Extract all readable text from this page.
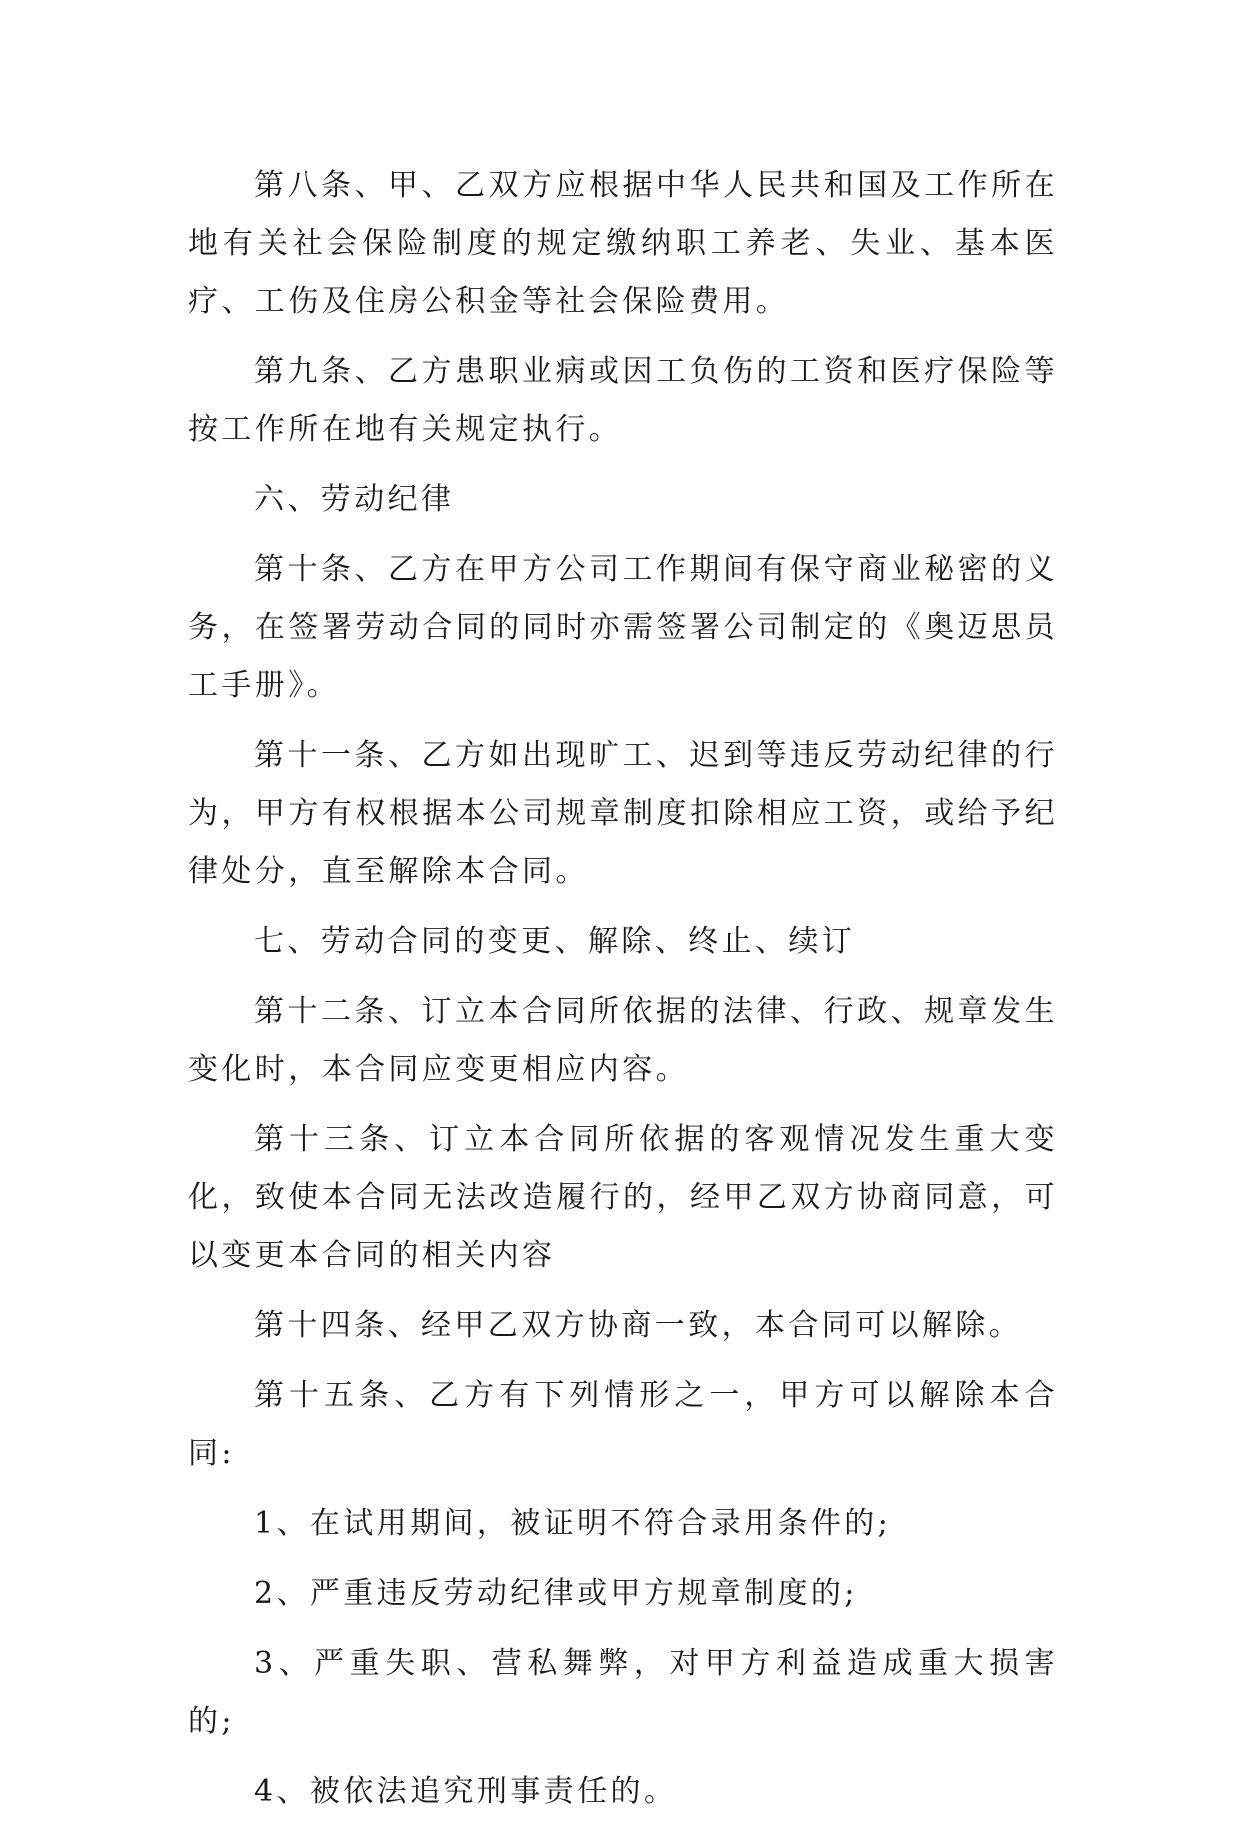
第八条、甲、乙双方应根据中华人民共和国及工作所在地有关社会保险制度的规定缴纳职工养老、失业、基本医疗、工伤及住房公积金等社会保险费用。

第九条、乙方患职业病或因工负伤的工资和医疗保险等按工作所在地有关规定执行。

六、劳动纪律

第十条、乙方在甲方公司工作期间有保守商业秘密的义务，在签署劳动合同的同时亦需签署公司制定的《奥迈思员工手册》。

第十一条、乙方如出现旷工、迟到等违反劳动纪律的行为，甲方有权根据本公司规章制度扣除相应工资，或给予纪律处分，直至解除本合同。

七、劳动合同的变更、解除、终止、续订

第十二条、订立本合同所依据的法律、行政、规章发生变化时，本合同应变更相应内容。

第十三条、订立本合同所依据的客观情况发生重大变化，致使本合同无法改造履行的，经甲乙双方协商同意，可以变更本合同的相关内容

第十四条、经甲乙双方协商一致，本合同可以解除。

第十五条、乙方有下列情形之一，甲方可以解除本合同:

1、在试用期间，被证明不符合录用条件的;

2、严重违反劳动纪律或甲方规章制度的;

3、严重失职、营私舞弊，对甲方利益造成重大损害的;

4、被依法追究刑事责任的。
